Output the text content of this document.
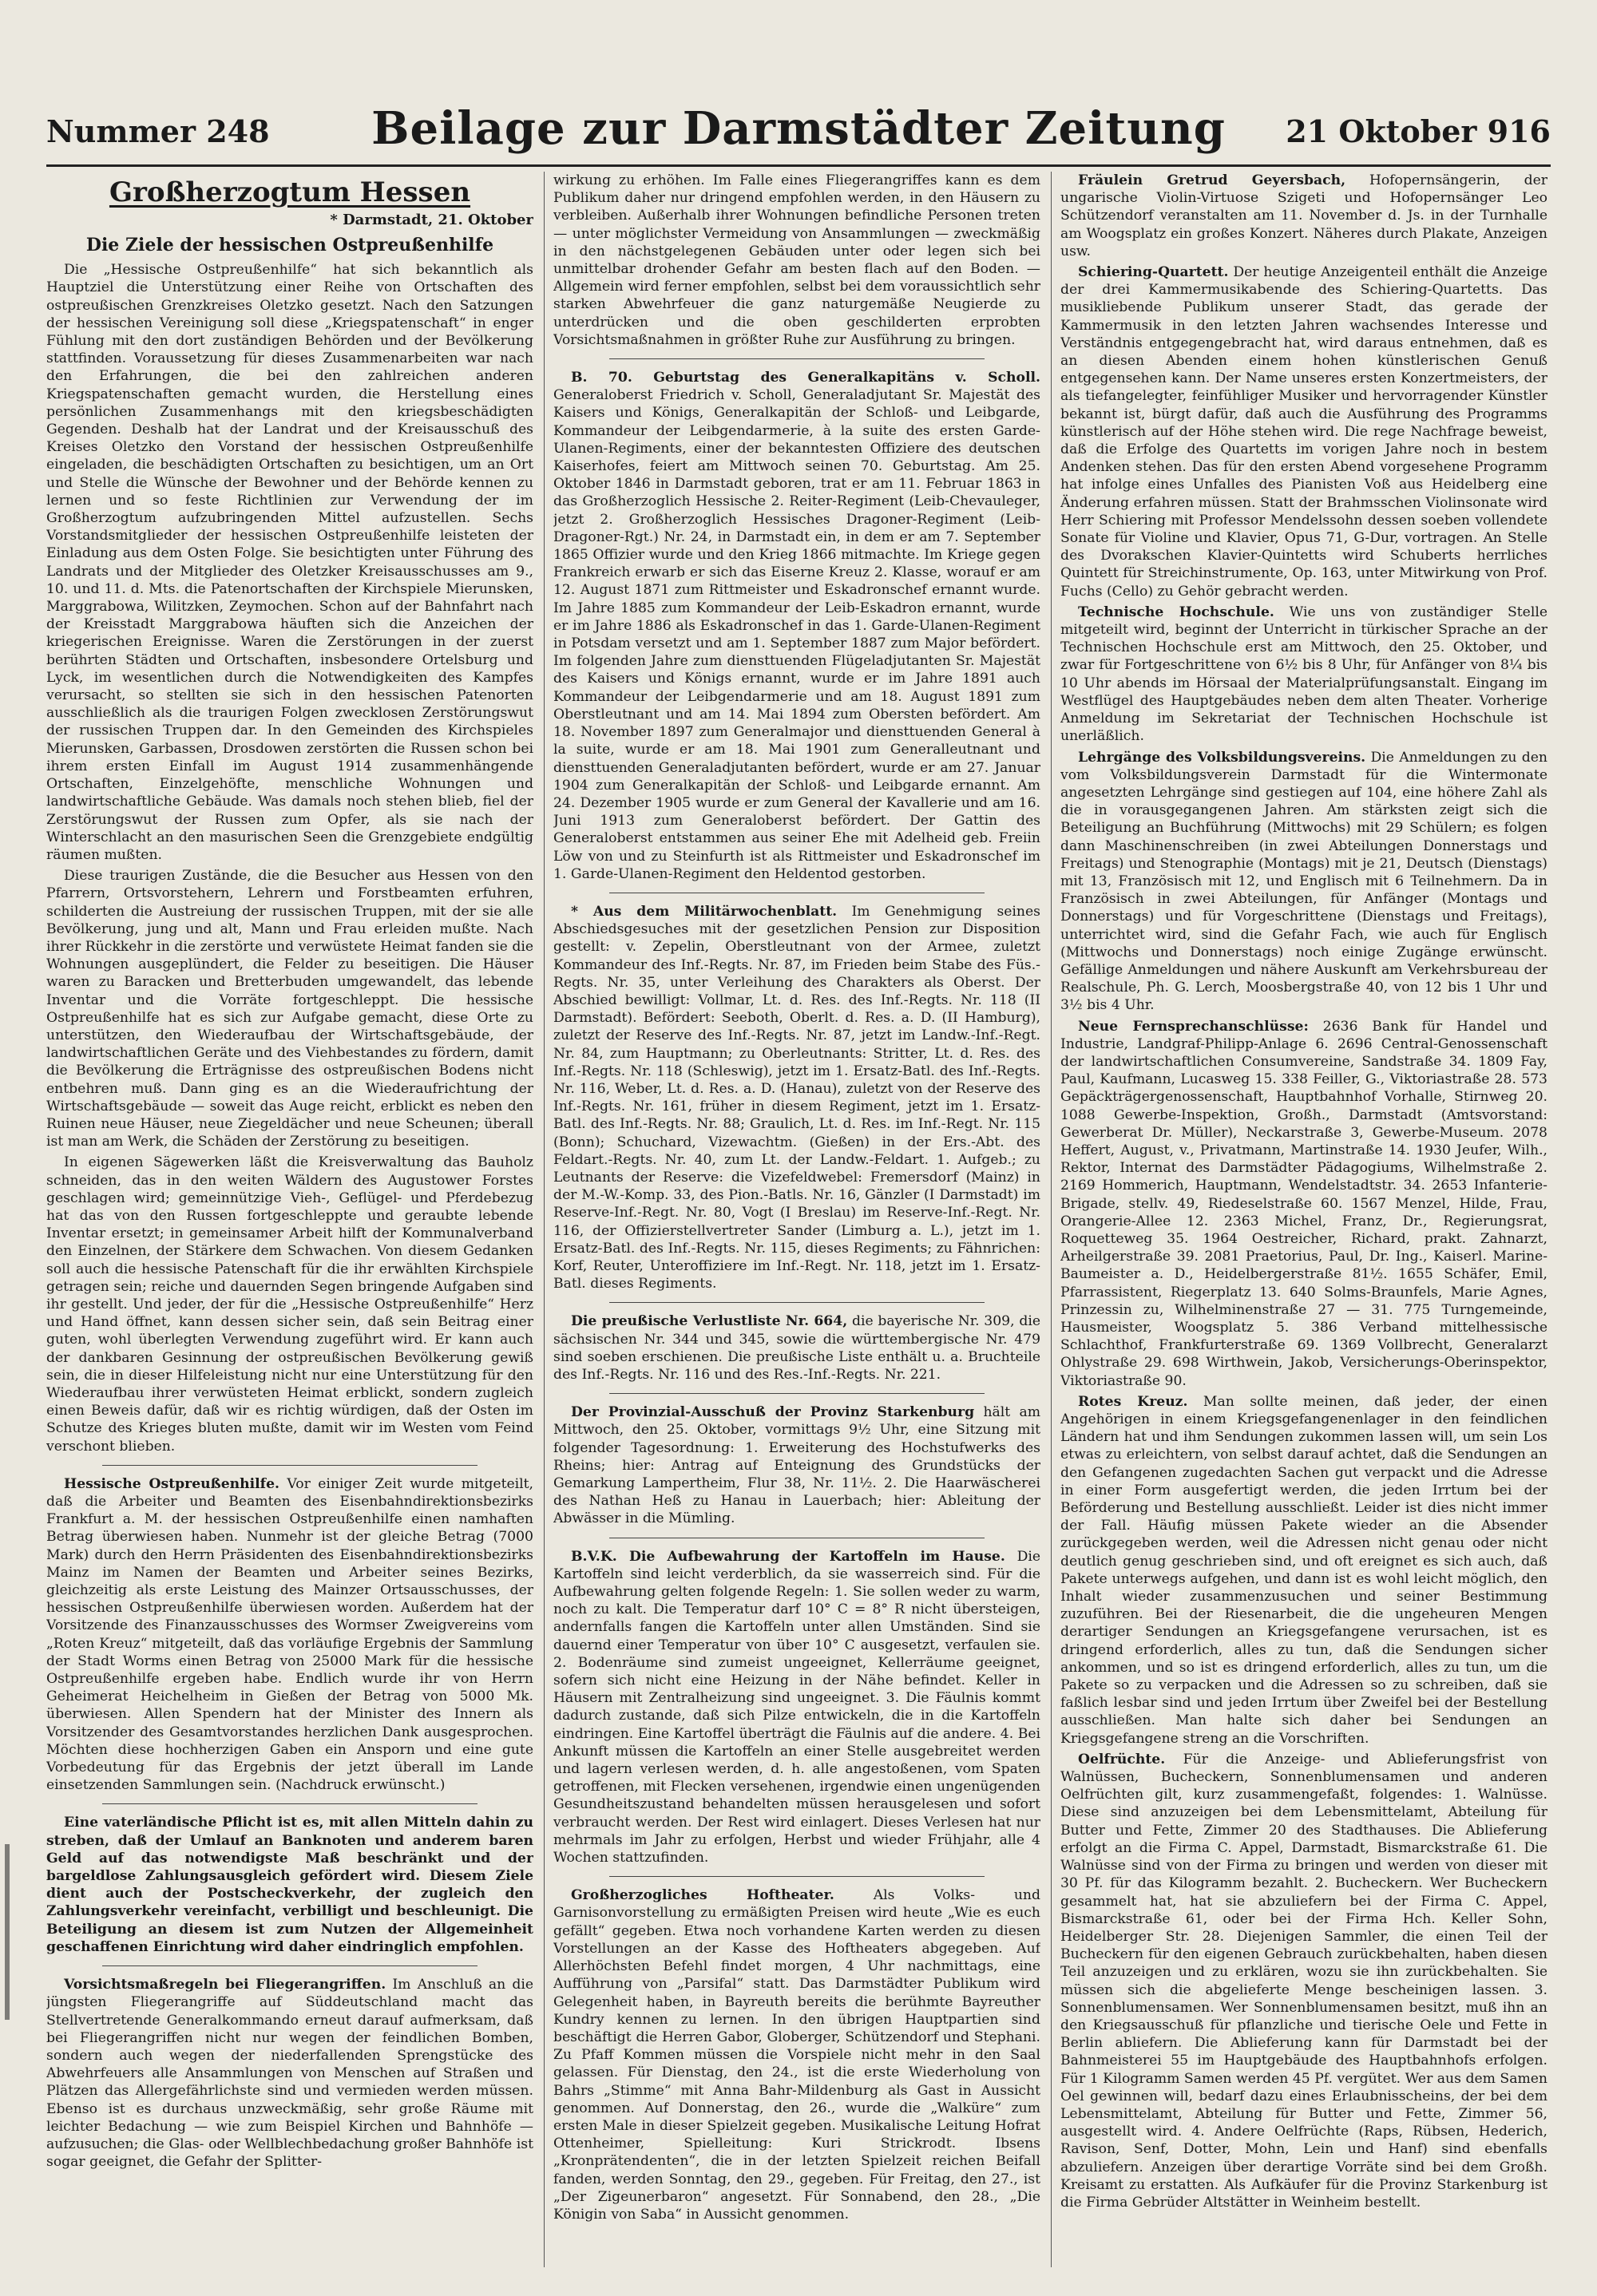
Nummer 248	Beilage zur Darmstädter Zeitung	21 Oktober 916
Großherzogtum Hessen
* Darmstadt, 21. Oktober
Die Ziele der hessischen Ostpreußenhilfe

Die „Hessische Ostpreußenhilfe“ hat sich bekanntlich als Hauptziel die Unterstützung einer Reihe von Ortschaften des ostpreußischen Grenzkreises Oletzko gesetzt. Nach den Satzungen der hessischen Vereinigung soll diese „Kriegspatenschaft“ in enger Fühlung mit den dort zuständigen Behörden und der Bevölkerung stattfinden. Voraussetzung für dieses Zusammenarbeiten war nach den Erfahrungen, die bei den zahlreichen anderen Kriegspatenschaften gemacht wurden, die Herstellung eines persönlichen Zusammenhangs mit den kriegsbeschädigten Gegenden. Deshalb hat der Landrat und der Kreisausschuß des Kreises Oletzko den Vorstand der hessischen Ostpreußenhilfe eingeladen, die beschädigten Ortschaften zu besichtigen, um an Ort und Stelle die Wünsche der Bewohner und der Behörde kennen zu lernen und so feste Richtlinien zur Verwendung der im Großherzogtum aufzubringenden Mittel aufzustellen. Sechs Vorstandsmitglieder der hessischen Ostpreußenhilfe leisteten der Einladung aus dem Osten Folge. Sie besichtigten unter Führung des Landrats und der Mitglieder des Oletzker Kreisausschusses am 9., 10. und 11. d. Mts. die Patenortschaften der Kirchspiele Mierunsken, Marggrabowa, Wilitzken, Zeymochen. Schon auf der Bahnfahrt nach der Kreisstadt Marggrabowa häuften sich die Anzeichen der kriegerischen Ereignisse. Waren die Zerstörungen in der zuerst berührten Städten und Ortschaften, insbesondere Ortelsburg und Lyck, im wesentlichen durch die Notwendigkeiten des Kampfes verursacht, so stellten sie sich in den hessischen Patenorten ausschließlich als die traurigen Folgen zwecklosen Zerstörungswut der russischen Truppen dar. In den Gemeinden des Kirchspieles Mierunsken, Garbassen, Drosdowen zerstörten die Russen schon bei ihrem ersten Einfall im August 1914 zusammenhängende Ortschaften, Einzelgehöfte, menschliche Wohnungen und landwirtschaftliche Gebäude. Was damals noch stehen blieb, fiel der Zerstörungswut der Russen zum Opfer, als sie nach der Winterschlacht an den masurischen Seen die Grenzgebiete endgültig räumen mußten.

Diese traurigen Zustände, die die Besucher aus Hessen von den Pfarrern, Ortsvorstehern, Lehrern und Forstbeamten erfuhren, schilderten die Austreiung der russischen Truppen, mit der sie alle Bevölkerung, jung und alt, Mann und Frau erleiden mußte. Nach ihrer Rückkehr in die zerstörte und verwüstete Heimat fanden sie die Wohnungen ausgeplündert, die Felder zu beseitigen. Die Häuser waren zu Baracken und Bretterbuden umgewandelt, das lebende Inventar und die Vorräte fortgeschleppt. Die hessische Ostpreußenhilfe hat es sich zur Aufgabe gemacht, diese Orte zu unterstützen, den Wiederaufbau der Wirtschaftsgebäude, der landwirtschaftlichen Geräte und des Viehbestandes zu fördern, damit die Bevölkerung die Erträgnisse des ostpreußischen Bodens nicht entbehren muß. Dann ging es an die Wiederaufrichtung der Wirtschaftsgebäude — soweit das Auge reicht, erblickt es neben den Ruinen neue Häuser, neue Ziegeldächer und neue Scheunen; überall ist man am Werk, die Schäden der Zerstörung zu beseitigen.

In eigenen Sägewerken läßt die Kreisverwaltung das Bauholz schneiden, das in den weiten Wäldern des Augustower Forstes geschlagen wird; gemeinnützige Vieh-, Geflügel- und Pferdebezug hat das von den Russen fortgeschleppte und geraubte lebende Inventar ersetzt; in gemeinsamer Arbeit hilft der Kommunalverband den Einzelnen, der Stärkere dem Schwachen. Von diesem Gedanken soll auch die hessische Patenschaft für die ihr erwählten Kirchspiele getragen sein; reiche und dauernden Segen bringende Aufgaben sind ihr gestellt. Und jeder, der für die „Hessische Ostpreußenhilfe“ Herz und Hand öffnet, kann dessen sicher sein, daß sein Beitrag einer guten, wohl überlegten Verwendung zugeführt wird. Er kann auch der dankbaren Gesinnung der ostpreußischen Bevölkerung gewiß sein, die in dieser Hilfeleistung nicht nur eine Unterstützung für den Wiederaufbau ihrer verwüsteten Heimat erblickt, sondern zugleich einen Beweis dafür, daß wir es richtig würdigen, daß der Osten im Schutze des Krieges bluten mußte, damit wir im Westen vom Feind verschont blieben.

Hessische Ostpreußenhilfe. Vor einiger Zeit wurde mitgeteilt, daß die Arbeiter und Beamten des Eisenbahndirektionsbezirks Frankfurt a. M. der hessischen Ostpreußenhilfe einen namhaften Betrag überwiesen haben. Nunmehr ist der gleiche Betrag (7000 Mark) durch den Herrn Präsidenten des Eisenbahndirektionsbezirks Mainz im Namen der Beamten und Arbeiter seines Bezirks, gleichzeitig als erste Leistung des Mainzer Ortsausschusses, der hessischen Ostpreußenhilfe überwiesen worden. Außerdem hat der Vorsitzende des Finanzausschusses des Wormser Zweigvereins vom „Roten Kreuz“ mitgeteilt, daß das vorläufige Ergebnis der Sammlung der Stadt Worms einen Betrag von 25000 Mark für die hessische Ostpreußenhilfe ergeben habe. Endlich wurde ihr von Herrn Geheimerat Heichelheim in Gießen der Betrag von 5000 Mk. überwiesen. Allen Spendern hat der Minister des Innern als Vorsitzender des Gesamtvorstandes herzlichen Dank ausgesprochen. Möchten diese hochherzigen Gaben ein Ansporn und eine gute Vorbedeutung für das Ergebnis der jetzt überall im Lande einsetzenden Sammlungen sein. (Nachdruck erwünscht.)

Eine vaterländische Pflicht ist es, mit allen Mitteln dahin zu streben, daß der Umlauf an Banknoten und anderem baren Geld auf das notwendigste Maß beschränkt und der bargeldlose Zahlungsausgleich gefördert wird. Diesem Ziele dient auch der Postscheckverkehr, der zugleich den Zahlungsverkehr vereinfacht, verbilligt und beschleunigt. Die Beteiligung an diesem ist zum Nutzen der Allgemeinheit geschaffenen Einrichtung wird daher eindringlich empfohlen.

Vorsichtsmaßregeln bei Fliegerangriffen. Im Anschluß an die jüngsten Fliegerangriffe auf Süddeutschland macht das Stellvertretende Generalkommando erneut darauf aufmerksam, daß bei Fliegerangriffen nicht nur wegen der feindlichen Bomben, sondern auch wegen der niederfallenden Sprengstücke des Abwehrfeuers alle Ansammlungen von Menschen auf Straßen und Plätzen das Allergefährlichste sind und vermieden werden müssen. Ebenso ist es durchaus unzweckmäßig, sehr große Räume mit leichter Bedachung — wie zum Beispiel Kirchen und Bahnhöfe — aufzusuchen; die Glas- oder Wellblechbedachung großer Bahnhöfe ist sogar geeignet, die Gefahr der Splitter-

wirkung zu erhöhen. Im Falle eines Fliegerangriffes kann es dem Publikum daher nur dringend empfohlen werden, in den Häusern zu verbleiben. Außerhalb ihrer Wohnungen befindliche Personen treten — unter möglichster Vermeidung von Ansammlungen — zweckmäßig in den nächstgelegenen Gebäuden unter oder legen sich bei unmittelbar drohender Gefahr am besten flach auf den Boden. — Allgemein wird ferner empfohlen, selbst bei dem voraussichtlich sehr starken Abwehrfeuer die ganz naturgemäße Neugierde zu unterdrücken und die oben geschilderten erprobten Vorsichtsmaßnahmen in größter Ruhe zur Ausführung zu bringen.

B. 70. Geburtstag des Generalkapitäns v. Scholl. Generaloberst Friedrich v. Scholl, Generaladjutant Sr. Majestät des Kaisers und Königs, Generalkapitän der Schloß- und Leibgarde, Kommandeur der Leibgendarmerie, à la suite des ersten Garde-Ulanen-Regiments, einer der bekanntesten Offiziere des deutschen Kaiserhofes, feiert am Mittwoch seinen 70. Geburtstag. Am 25. Oktober 1846 in Darmstadt geboren, trat er am 11. Februar 1863 in das Großherzoglich Hessische 2. Reiter-Regiment (Leib-Chevauleger, jetzt 2. Großherzoglich Hessisches Dragoner-Regiment (Leib-Dragoner-Rgt.) Nr. 24, in Darmstadt ein, in dem er am 7. September 1865 Offizier wurde und den Krieg 1866 mitmachte. Im Kriege gegen Frankreich erwarb er sich das Eiserne Kreuz 2. Klasse, worauf er am 12. August 1871 zum Rittmeister und Eskadronschef ernannt wurde. Im Jahre 1885 zum Kommandeur der Leib-Eskadron ernannt, wurde er im Jahre 1886 als Eskadronschef in das 1. Garde-Ulanen-Regiment in Potsdam versetzt und am 1. September 1887 zum Major befördert. Im folgenden Jahre zum diensttuenden Flügeladjutanten Sr. Majestät des Kaisers und Königs ernannt, wurde er im Jahre 1891 auch Kommandeur der Leibgendarmerie und am 18. August 1891 zum Oberstleutnant und am 14. Mai 1894 zum Obersten befördert. Am 18. November 1897 zum Generalmajor und diensttuenden General à la suite, wurde er am 18. Mai 1901 zum Generalleutnant und diensttuenden Generaladjutanten befördert, wurde er am 27. Januar 1904 zum Generalkapitän der Schloß- und Leibgarde ernannt. Am 24. Dezember 1905 wurde er zum General der Kavallerie und am 16. Juni 1913 zum Generaloberst befördert. Der Gattin des Generaloberst entstammen aus seiner Ehe mit Adelheid geb. Freiin Löw von und zu Steinfurth ist als Rittmeister und Eskadronschef im 1. Garde-Ulanen-Regiment den Heldentod gestorben.

* Aus dem Militärwochenblatt. Im Genehmigung seines Abschiedsgesuches mit der gesetzlichen Pension zur Disposition gestellt: v. Zepelin, Oberstleutnant von der Armee, zuletzt Kommandeur des Inf.-Regts. Nr. 87, im Frieden beim Stabe des Füs.-Regts. Nr. 35, unter Verleihung des Charakters als Oberst. Der Abschied bewilligt: Vollmar, Lt. d. Res. des Inf.-Regts. Nr. 118 (II Darmstadt). Befördert: Seeboth, Oberlt. d. Res. a. D. (II Hamburg), zuletzt der Reserve des Inf.-Regts. Nr. 87, jetzt im Landw.-Inf.-Regt. Nr. 84, zum Hauptmann; zu Oberleutnants: Stritter, Lt. d. Res. des Inf.-Regts. Nr. 118 (Schleswig), jetzt im 1. Ersatz-Batl. des Inf.-Regts. Nr. 116, Weber, Lt. d. Res. a. D. (Hanau), zuletzt von der Reserve des Inf.-Regts. Nr. 161, früher in diesem Regiment, jetzt im 1. Ersatz-Batl. des Inf.-Regts. Nr. 88; Graulich, Lt. d. Res. im Inf.-Regt. Nr. 115 (Bonn); Schuchard, Vizewachtm. (Gießen) in der Ers.-Abt. des Feldart.-Regts. Nr. 40, zum Lt. der Landw.-Feldart. 1. Aufgeb.; zu Leutnants der Reserve: die Vizefeldwebel: Fremersdorf (Mainz) in der M.-W.-Komp. 33, des Pion.-Batls. Nr. 16, Gänzler (I Darmstadt) im Reserve-Inf.-Regt. Nr. 80, Vogt (I Breslau) im Reserve-Inf.-Regt. Nr. 116, der Offizierstellvertreter Sander (Limburg a. L.), jetzt im 1. Ersatz-Batl. des Inf.-Regts. Nr. 115, dieses Regiments; zu Fähnrichen: Korf, Reuter, Unteroffiziere im Inf.-Regt. Nr. 118, jetzt im 1. Ersatz-Batl. dieses Regiments.

Die preußische Verlustliste Nr. 664, die bayerische Nr. 309, die sächsischen Nr. 344 und 345, sowie die württembergische Nr. 479 sind soeben erschienen. Die preußische Liste enthält u. a. Bruchteile des Inf.-Regts. Nr. 116 und des Res.-Inf.-Regts. Nr. 221.

Der Provinzial-Ausschuß der Provinz Starkenburg hält am Mittwoch, den 25. Oktober, vormittags 9½ Uhr, eine Sitzung mit folgender Tagesordnung: 1. Erweiterung des Hochstufwerks des Rheins; hier: Antrag auf Enteignung des Grundstücks der Gemarkung Lampertheim, Flur 38, Nr. 11½. 2. Die Haarwäscherei des Nathan Heß zu Hanau in Lauerbach; hier: Ableitung der Abwässer in die Mümling.

B.V.K. Die Aufbewahrung der Kartoffeln im Hause. Die Kartoffeln sind leicht verderblich, da sie wasserreich sind. Für die Aufbewahrung gelten folgende Regeln: 1. Sie sollen weder zu warm, noch zu kalt. Die Temperatur darf 10° C = 8° R nicht übersteigen, andernfalls fangen die Kartoffeln unter allen Umständen. Sind sie dauernd einer Temperatur von über 10° C ausgesetzt, verfaulen sie. 2. Bodenräume sind zumeist ungeeignet, Kellerräume geeignet, sofern sich nicht eine Heizung in der Nähe befindet. Keller in Häusern mit Zentralheizung sind ungeeignet. 3. Die Fäulnis kommt dadurch zustande, daß sich Pilze entwickeln, die in die Kartoffeln eindringen. Eine Kartoffel überträgt die Fäulnis auf die andere. 4. Bei Ankunft müssen die Kartoffeln an einer Stelle ausgebreitet werden und lagern verlesen werden, d. h. alle angestoßenen, vom Spaten getroffenen, mit Flecken versehenen, irgendwie einen ungenügenden Gesundheitszustand behandelten müssen herausgelesen und sofort verbraucht werden. Der Rest wird einlagert. Dieses Verlesen hat nur mehrmals im Jahr zu erfolgen, Herbst und wieder Frühjahr, alle 4 Wochen stattzufinden.

Großherzogliches Hoftheater.	Als Volks- und Garnisonvorstellung zu ermäßigten Preisen wird heute „Wie es euch gefällt“ gegeben. Etwa noch vorhandene Karten werden zu diesen Vorstellungen an der Kasse des Hoftheaters abgegeben. Auf Allerhöchsten Befehl findet morgen, 4 Uhr nachmittags, eine Aufführung von „Parsifal“ statt. Das Darmstädter Publikum wird Gelegenheit haben, in Bayreuth bereits die berühmte Bayreuther Kundry kennen zu lernen. In den übrigen Hauptpartien sind beschäftigt die Herren Gabor, Globerger, Schützendorf und Stephani. Zu Pfaff Kommen müssen die Vorspiele nicht mehr in den Saal gelassen. Für Dienstag, den 24., ist die erste Wiederholung von Bahrs „Stimme“ mit Anna Bahr-Mildenburg als Gast in Aussicht genommen. Auf Donnerstag, den 26., wurde die „Walküre“ zum ersten Male in dieser Spielzeit gegeben. Musikalische Leitung Hofrat Ottenheimer, Spielleitung: Kuri Strickrodt. Ibsens „Kronprätendenten“, die in der letzten Spielzeit reichen Beifall fanden, werden Sonntag, den 29., gegeben. Für Freitag, den 27., ist „Der Zigeunerbaron“ angesetzt. Für Sonnabend, den 28., „Die Königin von Saba“ in Aussicht genommen.

Fräulein Gretrud Geyersbach, Hofopernsängerin, der ungarische Violin-Virtuose Szigeti und Hofopernsänger Leo Schützendorf veranstalten am 11. November d. Js. in der Turnhalle am Woogsplatz ein großes Konzert. Näheres durch Plakate, Anzeigen usw.

Schiering-Quartett. Der heutige Anzeigenteil enthält die Anzeige der drei Kammermusikabende des Schiering-Quartetts. Das musikliebende Publikum unserer Stadt, das gerade der Kammermusik in den letzten Jahren wachsendes Interesse und Verständnis entgegengebracht hat, wird daraus entnehmen, daß es an diesen Abenden einem hohen künstlerischen Genuß entgegensehen kann. Der Name unseres ersten Konzertmeisters, der als tiefangelegter, feinfühliger Musiker und hervorragender Künstler bekannt ist, bürgt dafür, daß auch die Ausführung des Programms künstlerisch auf der Höhe stehen wird. Die rege Nachfrage beweist, daß die Erfolge des Quartetts im vorigen Jahre noch in bestem Andenken stehen. Das für den ersten Abend vorgesehene Programm hat infolge eines Unfalles des Pianisten Voß aus Heidelberg eine Änderung erfahren müssen. Statt der Brahmsschen Violinsonate wird Herr Schiering mit Professor Mendelssohn dessen soeben vollendete Sonate für Violine und Klavier, Opus 71, G-Dur, vortragen. An Stelle des Dvorakschen Klavier-Quintetts wird Schuberts herrliches Quintett für Streichinstrumente, Op. 163, unter Mitwirkung von Prof. Fuchs (Cello) zu Gehör gebracht werden.

Technische Hochschule. Wie uns von zuständiger Stelle mitgeteilt wird, beginnt der Unterricht in türkischer Sprache an der Technischen Hochschule erst am Mittwoch, den 25. Oktober, und zwar für Fortgeschrittene von 6½ bis 8 Uhr, für Anfänger von 8¼ bis 10 Uhr abends im Hörsaal der Materialprüfungsanstalt. Eingang im Westflügel des Hauptgebäudes neben dem alten Theater. Vorherige Anmeldung im Sekretariat der Technischen Hochschule ist unerläßlich.

Lehrgänge des Volksbildungsvereins. Die Anmeldungen zu den vom Volksbildungsverein Darmstadt für die Wintermonate angesetzten Lehrgänge sind gestiegen auf 104, eine höhere Zahl als die in vorausgegangenen Jahren. Am stärksten zeigt sich die Beteiligung an Buchführung (Mittwochs) mit 29 Schülern; es folgen dann Maschinenschreiben (in zwei Abteilungen Donnerstags und Freitags) und Stenographie (Montags) mit je 21, Deutsch (Dienstags) mit 13, Französisch mit 12, und Englisch mit 6 Teilnehmern. Da in Französisch in zwei Abteilungen, für Anfänger (Montags und Donnerstags) und für Vorgeschrittene (Dienstags und Freitags), unterrichtet wird, sind die Gefahr Fach, wie auch für Englisch (Mittwochs und Donnerstags) noch einige Zugänge erwünscht. Gefällige Anmeldungen und nähere Auskunft am Verkehrsbureau der Realschule, Ph. G. Lerch, Moosbergstraße 40, von 12 bis 1 Uhr und 3½ bis 4 Uhr.

Neue Fernsprechanschlüsse: 2636 Bank für Handel und Industrie, Landgraf-Philipp-Anlage 6. 2696 Central-Genossenschaft der landwirtschaftlichen Consumvereine, Sandstraße 34. 1809 Fay, Paul, Kaufmann, Lucasweg 15. 338 Feiller, G., Viktoriastraße 28. 573 Gepäckträgergenossenschaft, Hauptbahnhof Vorhalle, Stirnweg 20. 1088 Gewerbe-Inspektion, Großh., Darmstadt (Amtsvorstand: Gewerberat Dr. Müller), Neckarstraße 3, Gewerbe-Museum. 2078 Heffert, August, v., Privatmann, Martinstraße 14. 1930 Jeufer, Wilh., Rektor, Internat des Darmstädter Pädagogiums, Wilhelmstraße 2. 2169 Hommerich, Hauptmann, Wendelstadtstr. 34. 2653 Infanterie-Brigade, stellv. 49, Riedeselstraße 60. 1567 Menzel, Hilde, Frau, Orangerie-Allee 12. 2363 Michel, Franz, Dr., Regierungsrat, Roquetteweg 35. 1964 Oestreicher, Richard, prakt. Zahnarzt, Arheilgerstraße 39. 2081 Praetorius, Paul, Dr. Ing., Kaiserl. Marine-Baumeister a. D., Heidelbergerstraße 81½. 1655 Schäfer, Emil, Pfarrassistent, Riegerplatz 13. 640 Solms-Braunfels, Marie Agnes, Prinzessin zu, Wilhelminenstraße 27 — 31. 775 Turngemeinde, Hausmeister, Woogsplatz 5. 386 Verband mittelhessische Schlachthof, Frankfurterstraße 69. 1369 Vollbrecht, Generalarzt Ohlystraße 29. 698 Wirthwein, Jakob, Versicherungs-Oberinspektor, Viktoriastraße 90.

Rotes Kreuz. Man sollte meinen, daß jeder, der einen Angehörigen in einem Kriegsgefangenenlager in den feindlichen Ländern hat und ihm Sendungen zukommen lassen will, um sein Los etwas zu erleichtern, von selbst darauf achtet, daß die Sendungen an den Gefangenen zugedachten Sachen gut verpackt und die Adresse in einer Form ausgefertigt werden, die jeden Irrtum bei der Beförderung und Bestellung ausschließt. Leider ist dies nicht immer der Fall. Häufig müssen Pakete wieder an die Absender zurückgegeben werden, weil die Adressen nicht genau oder nicht deutlich genug geschrieben sind, und oft ereignet es sich auch, daß Pakete unterwegs aufgehen, und dann ist es wohl leicht möglich, den Inhalt wieder zusammenzusuchen und seiner Bestimmung zuzuführen. Bei der Riesenarbeit, die die ungeheuren Mengen derartiger Sendungen an Kriegsgefangene verursachen, ist es dringend erforderlich, alles zu tun, daß die Sendungen sicher ankommen, und so ist es dringend erforderlich, alles zu tun, um die Pakete so zu verpacken und die Adressen so zu schreiben, daß sie faßlich lesbar sind und jeden Irrtum über Zweifel bei der Bestellung ausschließen. Man halte sich daher bei Sendungen an Kriegsgefangene streng an die Vorschriften.

Oelfrüchte. Für die Anzeige- und Ablieferungsfrist von Walnüssen, Bucheckern, Sonnenblumensamen und anderen Oelfrüchten gilt, kurz zusammengefaßt, folgendes: 1. Walnüsse. Diese sind anzuzeigen bei dem Lebensmittelamt, Abteilung für Butter und Fette, Zimmer 20 des Stadthauses. Die Ablieferung erfolgt an die Firma C. Appel, Darmstadt, Bismarckstraße 61. Die Walnüsse sind von der Firma zu bringen und werden von dieser mit 30 Pf. für das Kilogramm bezahlt. 2. Bucheckern. Wer Bucheckern gesammelt hat, hat sie abzuliefern bei der Firma C. Appel, Bismarckstraße 61, oder bei der Firma Hch. Keller Sohn, Heidelberger Str. 28. Diejenigen Sammler, die einen Teil der Bucheckern für den eigenen Gebrauch zurückbehalten, haben diesen Teil anzuzeigen und zu erklären, wozu sie ihn zurückbehalten. Sie müssen sich die abgelieferte Menge bescheinigen lassen. 3. Sonnenblumensamen. Wer Sonnenblumensamen besitzt, muß ihn an den Kriegsausschuß für pflanzliche und tierische Oele und Fette in Berlin abliefern. Die Ablieferung kann für Darmstadt bei der Bahnmeisterei 55 im Hauptgebäude des Hauptbahnhofs erfolgen. Für 1 Kilogramm Samen werden 45 Pf. vergütet. Wer aus dem Samen Oel gewinnen will, bedarf dazu eines Erlaubnisscheins, der bei dem Lebensmittelamt, Abteilung für Butter und Fette, Zimmer 56, ausgestellt wird. 4. Andere Oelfrüchte (Raps, Rübsen, Hederich, Ravison, Senf, Dotter, Mohn, Lein und Hanf) sind ebenfalls abzuliefern. Anzeigen über derartige Vorräte sind bei dem Großh. Kreisamt zu erstatten. Als Aufkäufer für die Provinz Starkenburg ist die Firma Gebrüder Altstätter in Weinheim bestellt.
